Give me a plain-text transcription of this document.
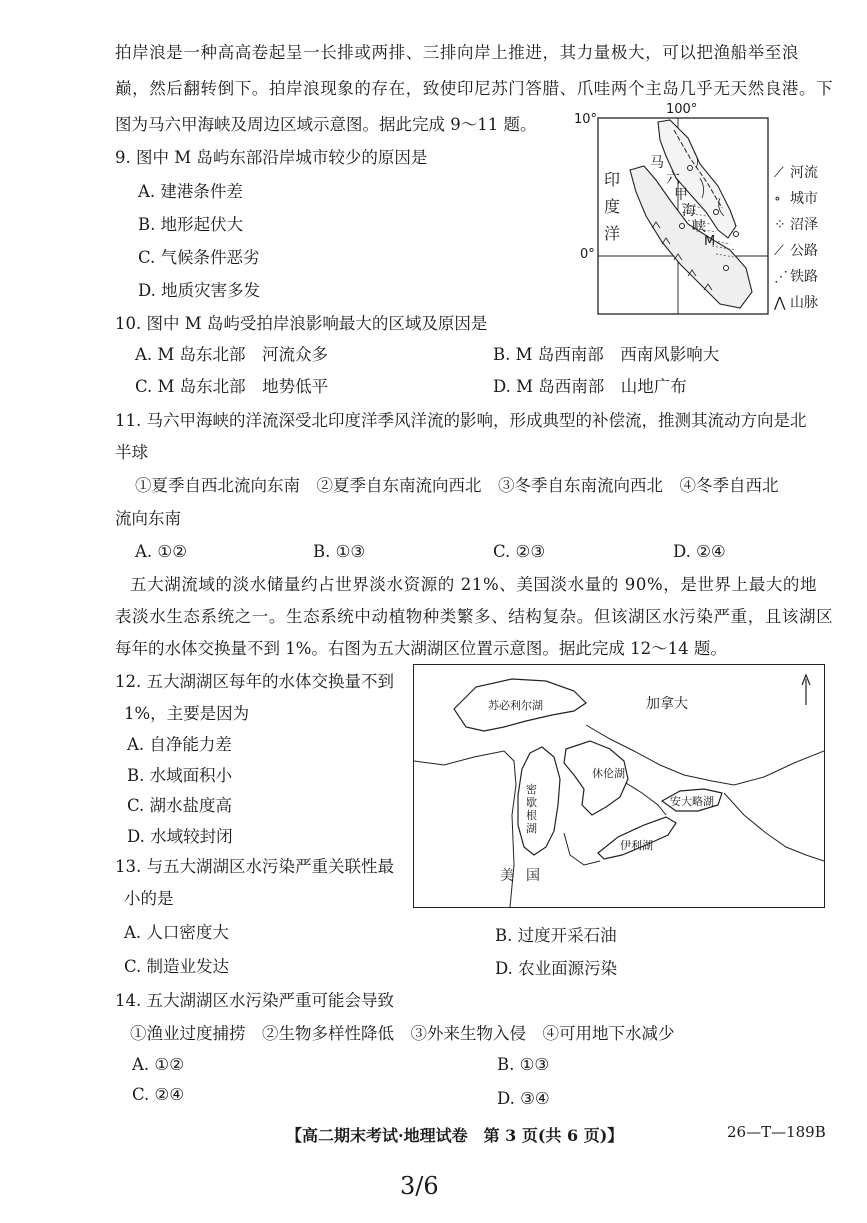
拍岸浪是一种高高卷起呈一长排或两排、三排向岸上推进，其力量极大，可以把渔船举至浪
巅，然后翻转倒下。拍岸浪现象的存在，致使印尼苏门答腊、爪哇两个主岛几乎无天然良港。下
图为马六甲海峡及周边区域示意图。据此完成 9～11 题。
9. 图中 M 岛屿东部沿岸城市较少的原因是
A. 建港条件差
B. 地形起伏大
C. 气候条件恶劣
D. 地质灾害多发
100°
10°
0°
印
度
洋
马
六
甲
海
峡
M
⟋ 河流
∘ 城市
⁘ 沼泽
⟋ 公路
⋰ 铁路
⋀ 山脉
10. 图中 M 岛屿受拍岸浪影响最大的区域及原因是
A. M 岛东北部　河流众多	B. M 岛西南部　西南风影响大
C. M 岛东北部　地势低平	D. M 岛西南部　山地广布
11. 马六甲海峡的洋流深受北印度洋季风洋流的影响，形成典型的补偿流，推测其流动方向是北
半球
①夏季自西北流向东南　②夏季自东南流向西北　③冬季自东南流向西北　④冬季自西北
流向东南
A. ①②	B. ①③	C. ②③	D. ②④
五大湖流域的淡水储量约占世界淡水资源的 21%、美国淡水量的 90%，是世界上最大的地
表淡水生态系统之一。生态系统中动植物种类繁多、结构复杂。但该湖区水污染严重，且该湖区
每年的水体交换量不到 1%。右图为五大湖湖区位置示意图。据此完成 12～14 题。
12. 五大湖湖区每年的水体交换量不到
1%，主要是因为
A. 自净能力差
B. 水域面积小
C. 湖水盐度高
D. 水域较封闭
加拿大
美国
苏必利尔湖
密歇根湖
休伦湖
伊利湖
安大略湖
13. 与五大湖湖区水污染严重关联性最
小的是
A. 人口密度大	B. 过度开采石油
C. 制造业发达	D. 农业面源污染
14. 五大湖湖区水污染严重可能会导致
①渔业过度捕捞　②生物多样性降低　③外来生物入侵　④可用地下水减少
A. ①②	B. ①③
C. ②④	D. ③④
【高二期末考试·地理试卷　第 3 页(共 6 页)】	26—T—189B
3/6
